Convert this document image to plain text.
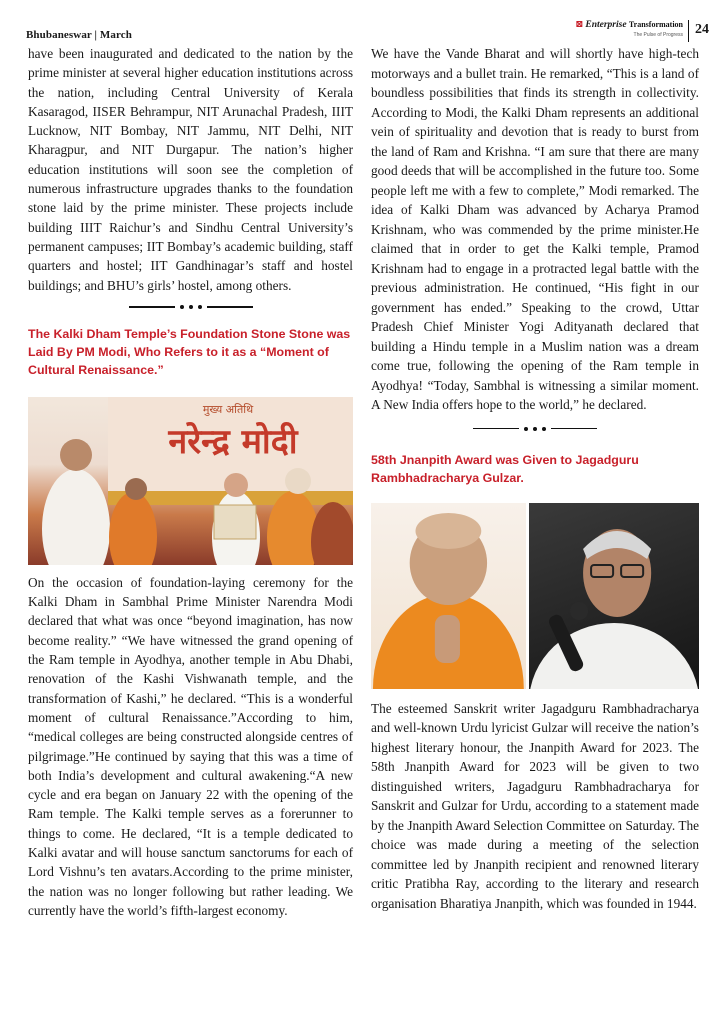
Bhubaneswar | March
⊠ Enterprise Transformation
The Pulse of Progress 24

have been inaugurated and dedicated to the nation by the prime minister at several higher education institutions across the nation, including Central University of Kerala Kasaragod, IISER Behrampur, NIT Arunachal Pradesh, IIIT Lucknow, NIT Bombay, NIT Jammu, NIT Delhi, NIT Kharagpur, and NIT Durgapur. The nation’s higher education institutions will soon see the completion of numerous infrastructure upgrades thanks to the foundation stone laid by the prime minister. These projects include building IIIT Raichur’s and Sindhu Central University’s permanent campuses; IIT Bombay’s academic building, staff quarters and hostel; IIT Gandhinagar’s staff and hostel buildings; and BHU’s girls’ hostel, among others.

The Kalki Dham Temple’s Foundation Stone Stone was Laid By PM Modi, Who Refers to it as a “Moment of Cultural Renaissance.”
मुख्य अतिथि
नरेन्द्र मोदी

On the occasion of foundation-laying ceremony for the Kalki Dham in Sambhal Prime Minister Narendra Modi declared that what was once “beyond imagination, has now become reality.” “We have witnessed the grand opening of the Ram temple in Ayodhya, another temple in Abu Dhabi, renovation of the Kashi Vishwanath temple, and the transformation of Kashi,” he declared. “This is a wonderful moment of cultural Renaissance.”According to him, “medical colleges are being constructed alongside centres of pilgrimage.”He continued by saying that this was a time of both India’s development and cultural awakening.“A new cycle and era began on January 22 with the opening of the Ram temple. The Kalki temple serves as a forerunner to things to come. He declared, “It is a temple dedicated to Kalki avatar and will house sanctum sanctorums for each of Lord Vishnu’s ten avatars.According to the prime minister, the nation was no longer following but rather leading. We currently have the world’s fifth-largest economy.

We have the Vande Bharat and will shortly have high-tech motorways and a bullet train. He remarked, “This is a land of boundless possibilities that finds its strength in collectivity. According to Modi, the Kalki Dham represents an additional vein of spirituality and devotion that is ready to burst from the land of Ram and Krishna. “I am sure that there are many good deeds that will be accomplished in the future too. Some people left me with a few to complete,” Modi remarked. The idea of Kalki Dham was advanced by Acharya Pramod Krishnam, who was commended by the prime minister.He claimed that in order to get the Kalki temple, Pramod Krishnam had to engage in a protracted legal battle with the previous administration. He continued, “His fight in our government has ended.” Speaking to the crowd, Uttar Pradesh Chief Minister Yogi Adityanath declared that building a Hindu temple in a Muslim nation was a dream come true, following the opening of the Ram temple in Ayodhya! “Today, Sambhal is witnessing a similar moment. A New India offers hope to the world,” he declared.

58th Jnanpith Award was Given to Jagadguru Rambhadracharya Gulzar.

The esteemed Sanskrit writer Jagadguru Rambhadracharya and well-known Urdu lyricist Gulzar will receive the nation’s highest literary honour, the Jnanpith Award for 2023. The 58th Jnanpith Award for 2023 will be given to two distinguished writers, Jagadguru Rambhadracharya for Sanskrit and Gulzar for Urdu, according to a statement made by the Jnanpith Award Selection Committee on Saturday. The choice was made during a meeting of the selection committee led by Jnanpith recipient and renowned literary critic Pratibha Ray, according to the literary and research organisation Bharatiya Jnanpith, which was founded in 1944.
